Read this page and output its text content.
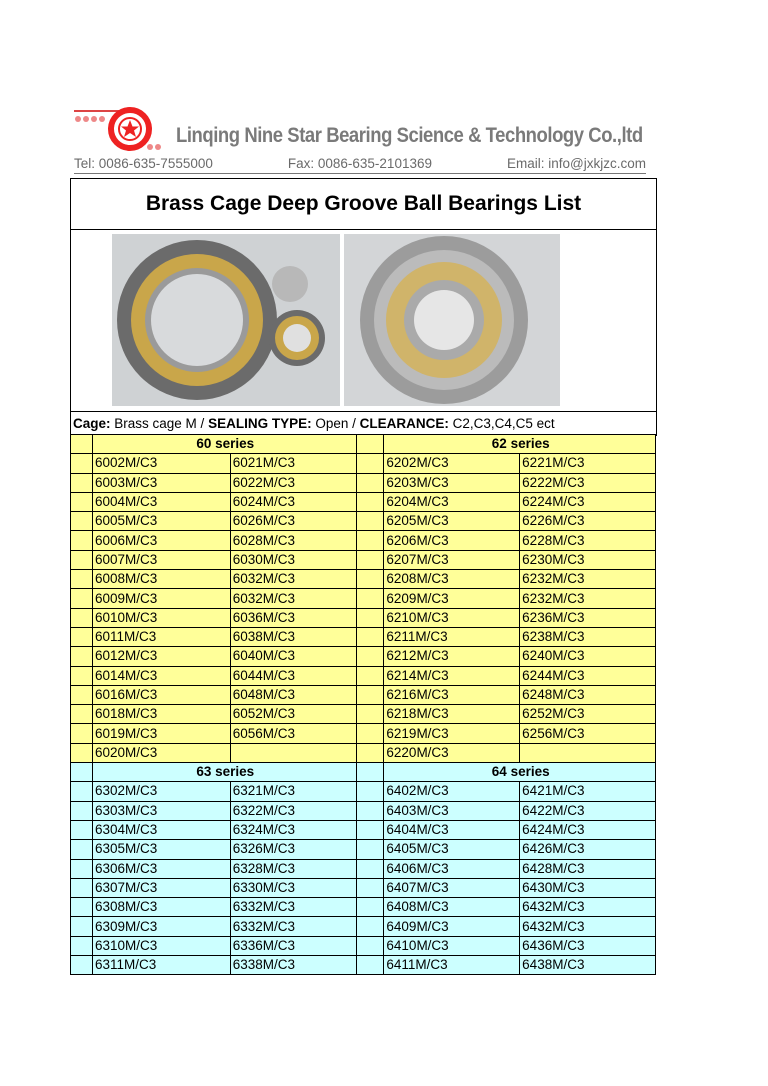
Linqing Nine Star Bearing Science & Technology Co.,ltd
Tel: 0086-635-7555000	Fax: 0086-635-2101369	Email: info@jxkjzc.com
Brass Cage Deep Groove Ball Bearings List
Cage: Brass cage M / SEALING TYPE: Open / CLEARANCE: C2,C3,C4,C5 ect
	60 series			62 series	
	6002M/C3	6021M/C3		6202M/C3	6221M/C3
	6003M/C3	6022M/C3		6203M/C3	6222M/C3
	6004M/C3	6024M/C3		6204M/C3	6224M/C3
	6005M/C3	6026M/C3		6205M/C3	6226M/C3
	6006M/C3	6028M/C3		6206M/C3	6228M/C3
	6007M/C3	6030M/C3		6207M/C3	6230M/C3
	6008M/C3	6032M/C3		6208M/C3	6232M/C3
	6009M/C3	6032M/C3		6209M/C3	6232M/C3
	6010M/C3	6036M/C3		6210M/C3	6236M/C3
	6011M/C3	6038M/C3		6211M/C3	6238M/C3
	6012M/C3	6040M/C3		6212M/C3	6240M/C3
	6014M/C3	6044M/C3		6214M/C3	6244M/C3
	6016M/C3	6048M/C3		6216M/C3	6248M/C3
	6018M/C3	6052M/C3		6218M/C3	6252M/C3
	6019M/C3	6056M/C3		6219M/C3	6256M/C3
	6020M/C3			6220M/C3	
	63 series			64 series	
	6302M/C3	6321M/C3		6402M/C3	6421M/C3
	6303M/C3	6322M/C3		6403M/C3	6422M/C3
	6304M/C3	6324M/C3		6404M/C3	6424M/C3
	6305M/C3	6326M/C3		6405M/C3	6426M/C3
	6306M/C3	6328M/C3		6406M/C3	6428M/C3
	6307M/C3	6330M/C3		6407M/C3	6430M/C3
	6308M/C3	6332M/C3		6408M/C3	6432M/C3
	6309M/C3	6332M/C3		6409M/C3	6432M/C3
	6310M/C3	6336M/C3		6410M/C3	6436M/C3
	6311M/C3	6338M/C3		6411M/C3	6438M/C3
